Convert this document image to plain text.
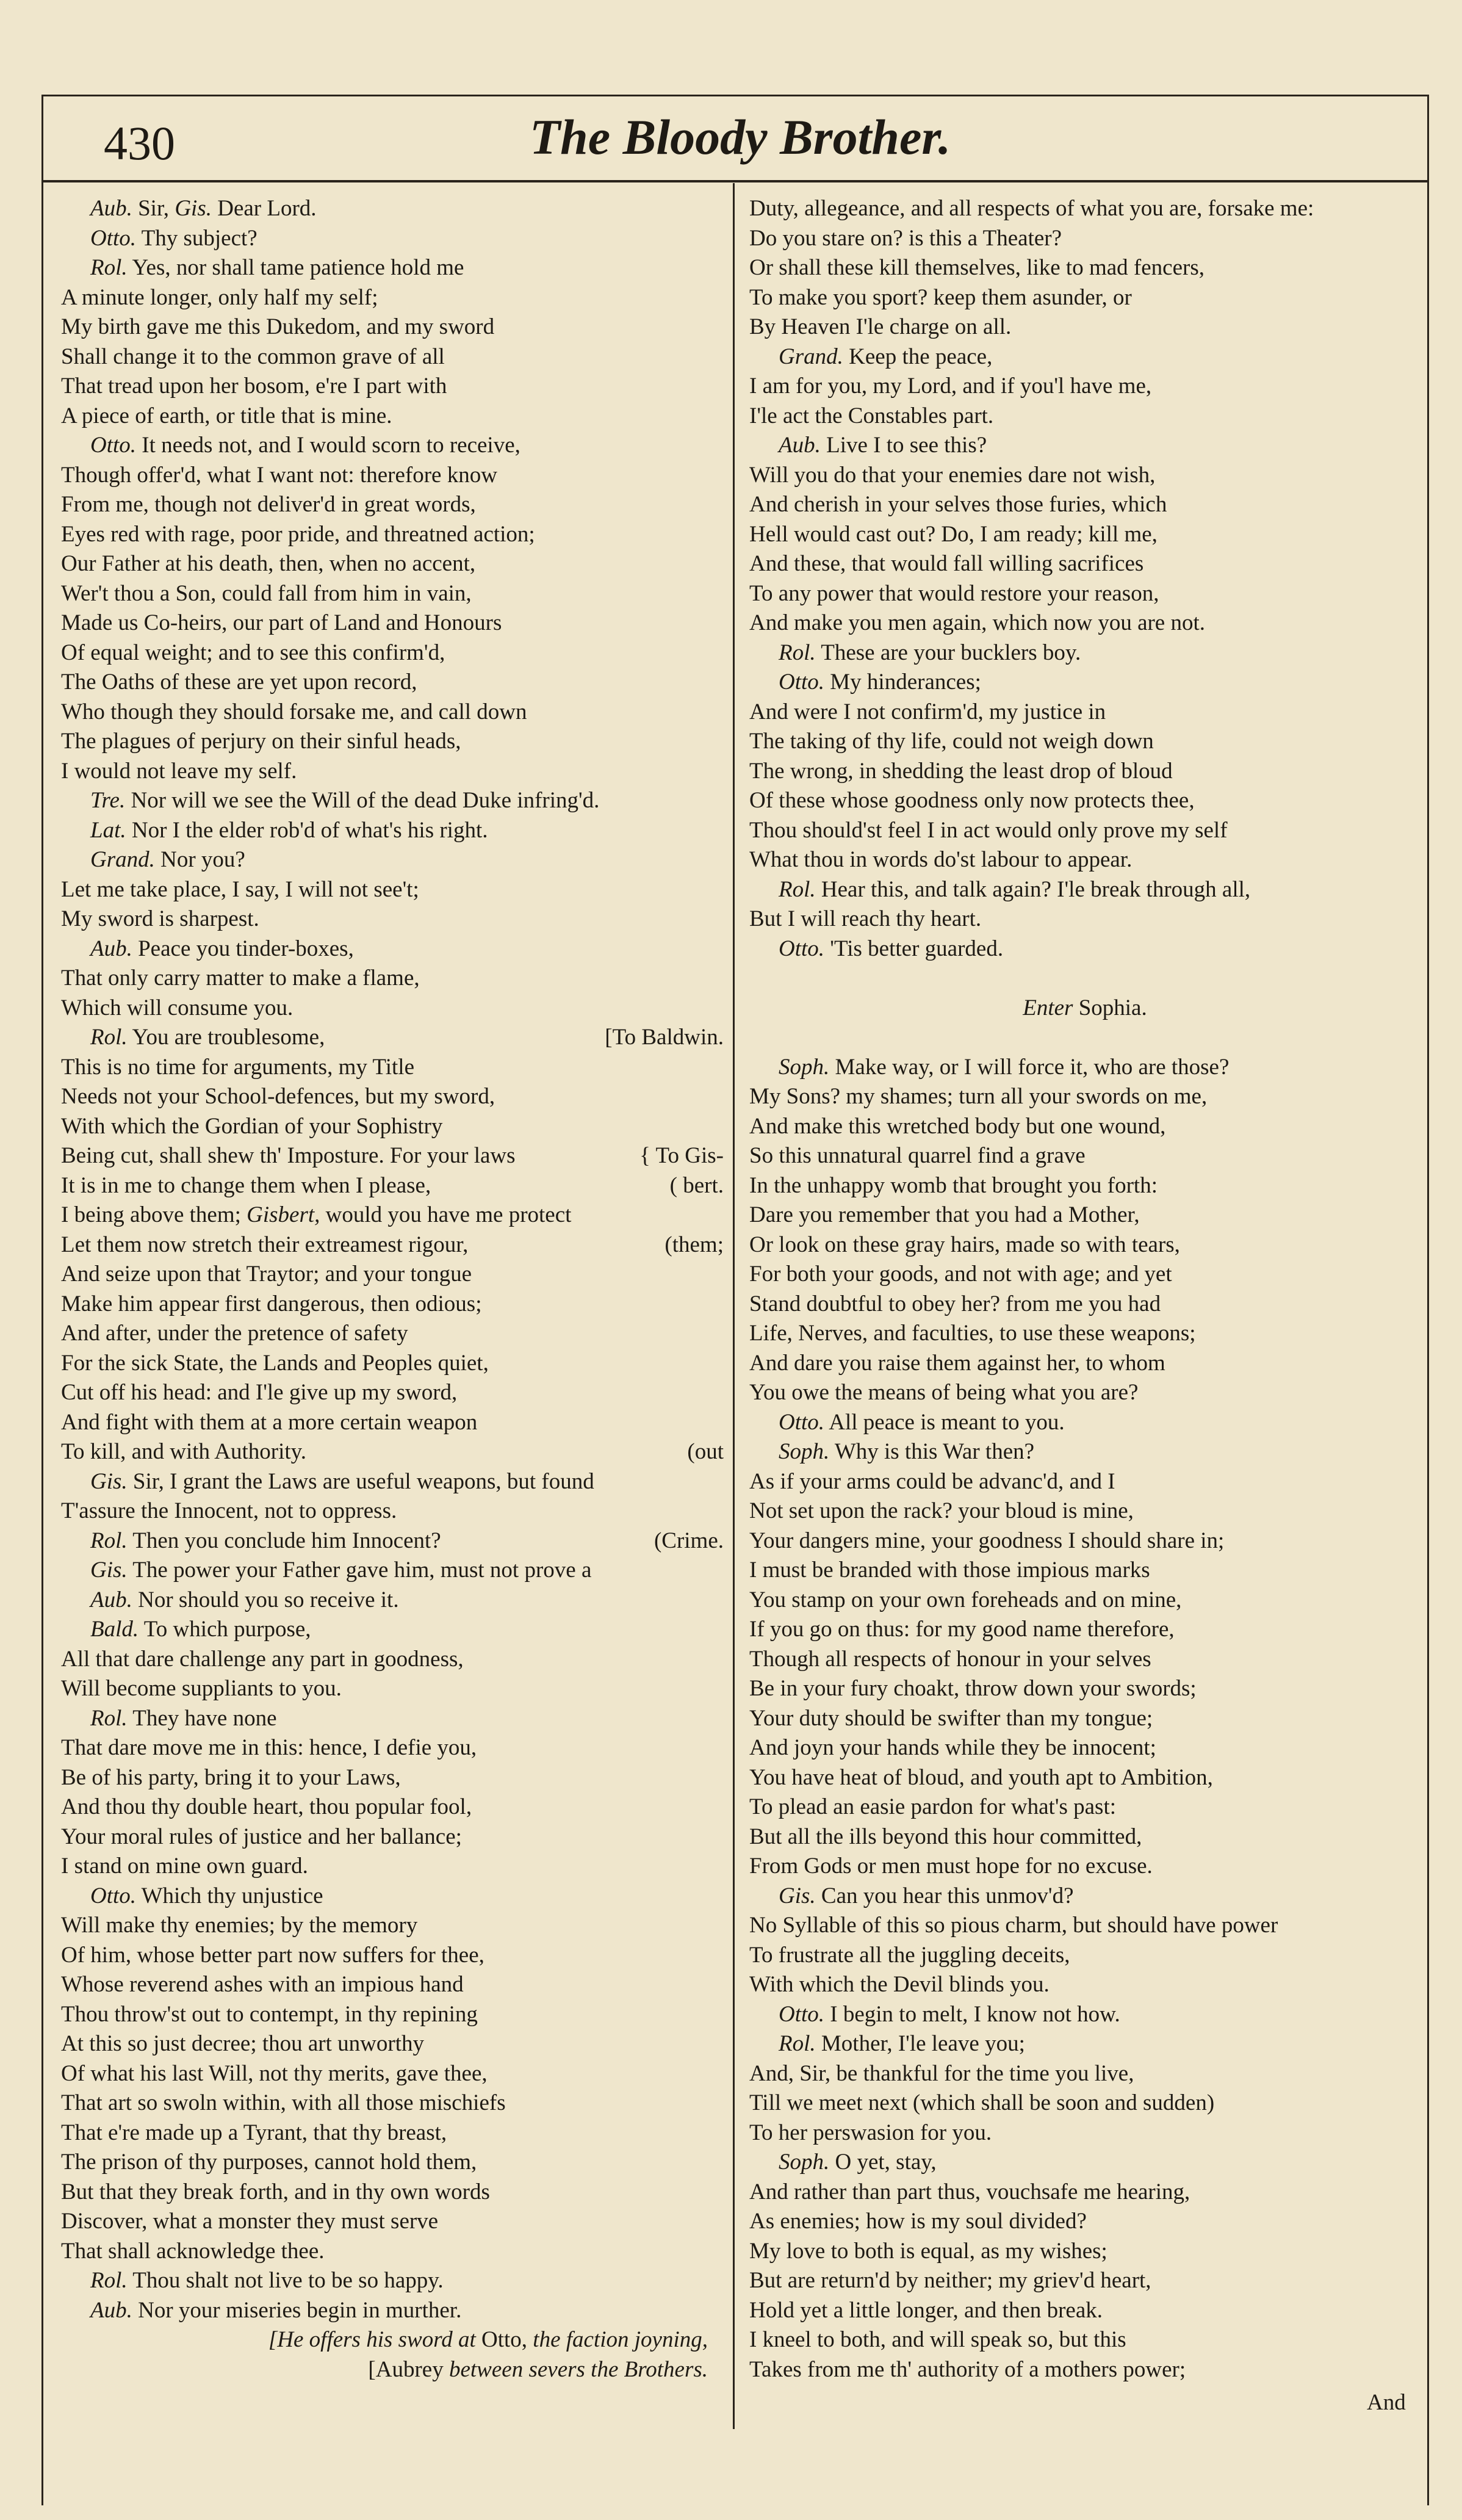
430	The Bloody Brother.
Aub. Sir, Gis. Dear Lord.
Otto. Thy subject?
Rol. Yes, nor shall tame patience hold me
A minute longer, only half my self;
My birth gave me this Dukedom, and my sword
Shall change it to the common grave of all
That tread upon her bosom, e're I part with
A piece of earth, or title that is mine.
Otto. It needs not, and I would scorn to receive,
Though offer'd, what I want not: therefore know
From me, though not deliver'd in great words,
Eyes red with rage, poor pride, and threatned action;
Our Father at his death, then, when no accent,
Wer't thou a Son, could fall from him in vain,
Made us Co-heirs, our part of Land and Honours
Of equal weight; and to see this confirm'd,
The Oaths of these are yet upon record,
Who though they should forsake me, and call down
The plagues of perjury on their sinful heads,
I would not leave my self.
Tre. Nor will we see the Will of the dead Duke infring'd.
Lat. Nor I the elder rob'd of what's his right.
Grand. Nor you?
Let me take place, I say, I will not see't;
My sword is sharpest.
Aub. Peace you tinder-boxes,
That only carry matter to make a flame,
Which will consume you.
Rol. You are troublesome,	[To Baldwin.
This is no time for arguments, my Title
Needs not your School-defences, but my sword,
With which the Gordian of your Sophistry
Being cut, shall shew th' Imposture. For your laws	{ To Gis-
It is in me to change them when I please,	( bert.
I being above them; Gisbert, would you have me protect
Let them now stretch their extreamest rigour,	(them;
And seize upon that Traytor; and your tongue
Make him appear first dangerous, then odious;
And after, under the pretence of safety
For the sick State, the Lands and Peoples quiet,
Cut off his head: and I'le give up my sword,
And fight with them at a more certain weapon
To kill, and with Authority.	(out
Gis. Sir, I grant the Laws are useful weapons, but found
T'assure the Innocent, not to oppress.
Rol. Then you conclude him Innocent?	(Crime.
Gis. The power your Father gave him, must not prove a
Aub. Nor should you so receive it.
Bald. To which purpose,
All that dare challenge any part in goodness,
Will become suppliants to you.
Rol. They have none
That dare move me in this: hence, I defie you,
Be of his party, bring it to your Laws,
And thou thy double heart, thou popular fool,
Your moral rules of justice and her ballance;
I stand on mine own guard.
Otto. Which thy unjustice
Will make thy enemies; by the memory
Of him, whose better part now suffers for thee,
Whose reverend ashes with an impious hand
Thou throw'st out to contempt, in thy repining
At this so just decree; thou art unworthy
Of what his last Will, not thy merits, gave thee,
That art so swoln within, with all those mischiefs
That e're made up a Tyrant, that thy breast,
The prison of thy purposes, cannot hold them,
But that they break forth, and in thy own words
Discover, what a monster they must serve
That shall acknowledge thee.
Rol. Thou shalt not live to be so happy.
Aub. Nor your miseries begin in murther.
[He offers his sword at Otto, the faction joyning,
[Aubrey between severs the Brothers.
Duty, allegeance, and all respects of what you are, forsake me:
Do you stare on? is this a Theater?
Or shall these kill themselves, like to mad fencers,
To make you sport? keep them asunder, or
By Heaven I'le charge on all.
Grand. Keep the peace,
I am for you, my Lord, and if you'l have me,
I'le act the Constables part.
Aub. Live I to see this?
Will you do that your enemies dare not wish,
And cherish in your selves those furies, which
Hell would cast out? Do, I am ready; kill me,
And these, that would fall willing sacrifices
To any power that would restore your reason,
And make you men again, which now you are not.
Rol. These are your bucklers boy.
Otto. My hinderances;
And were I not confirm'd, my justice in
The taking of thy life, could not weigh down
The wrong, in shedding the least drop of bloud
Of these whose goodness only now protects thee,
Thou should'st feel I in act would only prove my self
What thou in words do'st labour to appear.
Rol. Hear this, and talk again? I'le break through all,
But I will reach thy heart.
Otto. 'Tis better guarded.
Enter Sophia.
Soph. Make way, or I will force it, who are those?
My Sons? my shames; turn all your swords on me,
And make this wretched body but one wound,
So this unnatural quarrel find a grave
In the unhappy womb that brought you forth:
Dare you remember that you had a Mother,
Or look on these gray hairs, made so with tears,
For both your goods, and not with age; and yet
Stand doubtful to obey her? from me you had
Life, Nerves, and faculties, to use these weapons;
And dare you raise them against her, to whom
You owe the means of being what you are?
Otto. All peace is meant to you.
Soph. Why is this War then?
As if your arms could be advanc'd, and I
Not set upon the rack? your bloud is mine,
Your dangers mine, your goodness I should share in;
I must be branded with those impious marks
You stamp on your own foreheads and on mine,
If you go on thus: for my good name therefore,
Though all respects of honour in your selves
Be in your fury choakt, throw down your swords;
Your duty should be swifter than my tongue;
And joyn your hands while they be innocent;
You have heat of bloud, and youth apt to Ambition,
To plead an easie pardon for what's past:
But all the ills beyond this hour committed,
From Gods or men must hope for no excuse.
Gis. Can you hear this unmov'd?
No Syllable of this so pious charm, but should have power
To frustrate all the juggling deceits,
With which the Devil blinds you.
Otto. I begin to melt, I know not how.
Rol. Mother, I'le leave you;
And, Sir, be thankful for the time you live,
Till we meet next (which shall be soon and sudden)
To her perswasion for you.
Soph. O yet, stay,
And rather than part thus, vouchsafe me hearing,
As enemies; how is my soul divided?
My love to both is equal, as my wishes;
But are return'd by neither; my griev'd heart,
Hold yet a little longer, and then break.
I kneel to both, and will speak so, but this
Takes from me th' authority of a mothers power;
And
